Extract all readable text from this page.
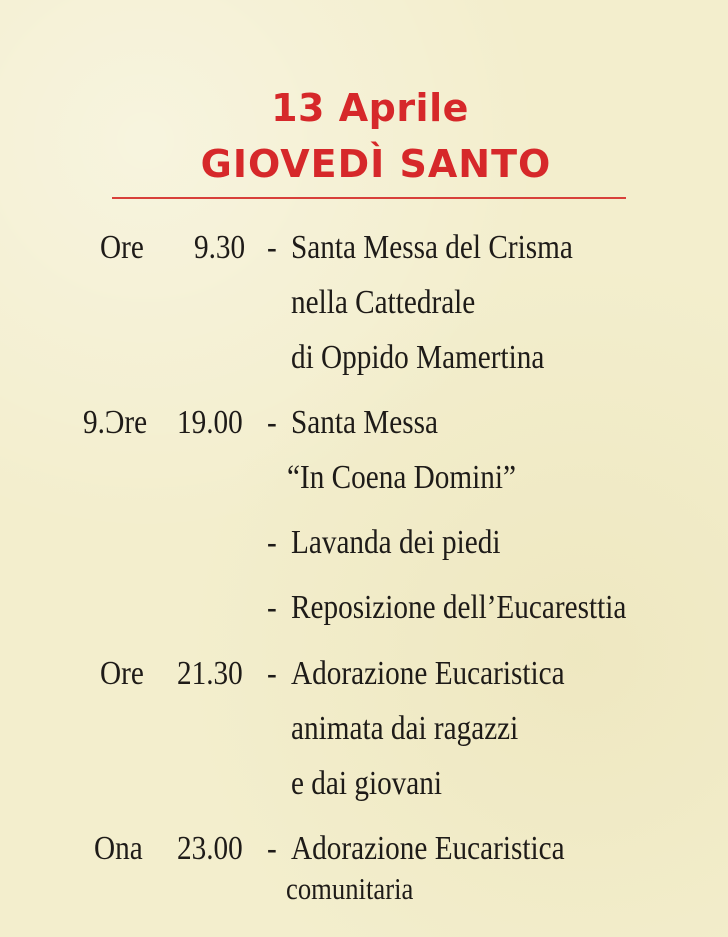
13 Aprile
GIOVEDÌ SANTO
Ore 9.30 - Santa Messa del Crisma
nella Cattedrale
di Oppido Mamertina
9.Ɔre 19.00 - Santa Messa
“In Coena Domini”
- Lavanda dei piedi
- Reposizione dell’Eucaresttia
Ore 21.30 - Adorazione Eucaristica
animata dai ragazzi
e dai giovani
Ona 23.00 - Adorazione Eucaristica
comunitaria
